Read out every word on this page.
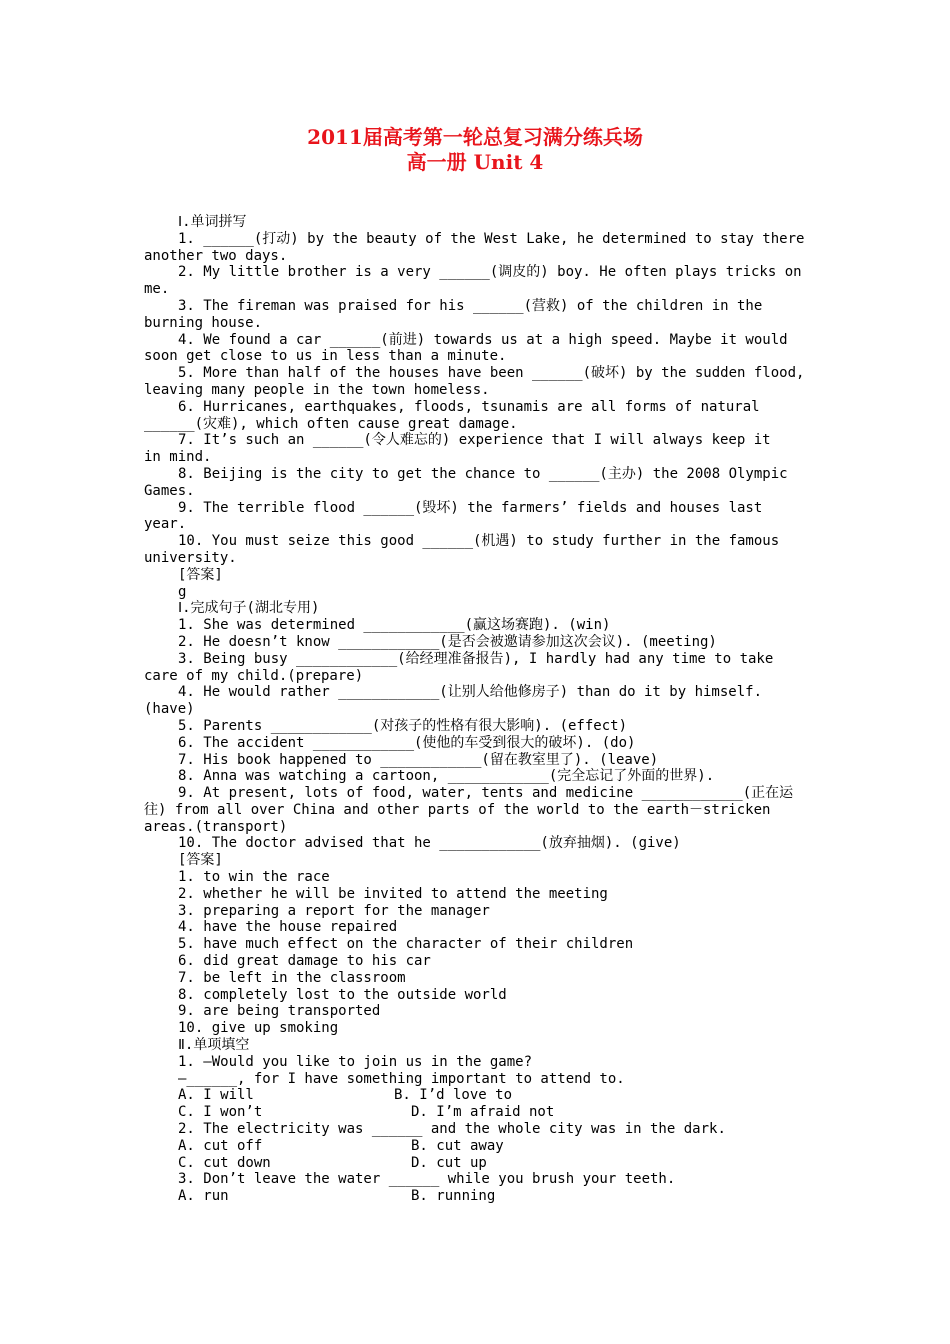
2011届高考第一轮总复习满分练兵场
高一册 Unit 4
Ⅰ.单词拼写
1. ______(打动) by the beauty of the West Lake, he determined to stay there
another two days.
2. My little brother is a very ______(调皮的) boy. He often plays tricks on
me.
3. The fireman was praised for his ______(营救) of the children in the
burning house.
4. We found a car ______(前进) towards us at a high speed. Maybe it would
soon get close to us in less than a minute.
5. More than half of the houses have been ______(破坏) by the sudden flood,
leaving many people in the town homeless.
6. Hurricanes, earthquakes, floods, tsunamis are all forms of natural
______(灾难), which often cause great damage.
7. It’s such an ______(令人难忘的) experience that I will always keep it
in mind.
8. Beijing is the city to get the chance to ______(主办) the 2008 Olympic
Games.
9. The terrible flood ______(毁坏) the farmers’ fields and houses last
year.
10. You must seize this good ______(机遇) to study further in the famous
university.
[答案]
g
Ⅰ.完成句子(湖北专用)
1. She was determined ____________(赢这场赛跑). (win)
2. He doesn’t know ____________(是否会被邀请参加这次会议). (meeting)
3. Being busy ____________(给经理准备报告), I hardly had any time to take
care of my child.(prepare)
4. He would rather ____________(让别人给他修房子) than do it by himself.
(have)
5. Parents ____________(对孩子的性格有很大影响). (effect)
6. The accident ____________(使他的车受到很大的破坏). (do)
7. His book happened to ____________(留在教室里了). (leave)
8. Anna was watching a cartoon, ____________(完全忘记了外面的世界).
9. At present, lots of food, water, tents and medicine ____________(正在运
往) from all over China and other parts of the world to the earth－stricken
areas.(transport)
10. The doctor advised that he ____________(放弃抽烟). (give)
[答案]
1. to win the race
2. whether he will be invited to attend the meeting
3. preparing a report for the manager
4. have the house repaired
5. have much effect on the character of their children
6. did great damage to his car
7. be left in the classroom
8. completely lost to the outside world
9. are being transported
10. give up smoking
Ⅱ.单项填空
1. —Would you like to join us in the game?
—______, for I have something important to attend to.
A. I will	B. I’d love to
C. I won’t	D. I’m afraid not
2. The electricity was ______ and the whole city was in the dark.
A. cut off	B. cut away
C. cut down	D. cut up
3. Don’t leave the water ______ while you brush your teeth.
A. run	B. running
